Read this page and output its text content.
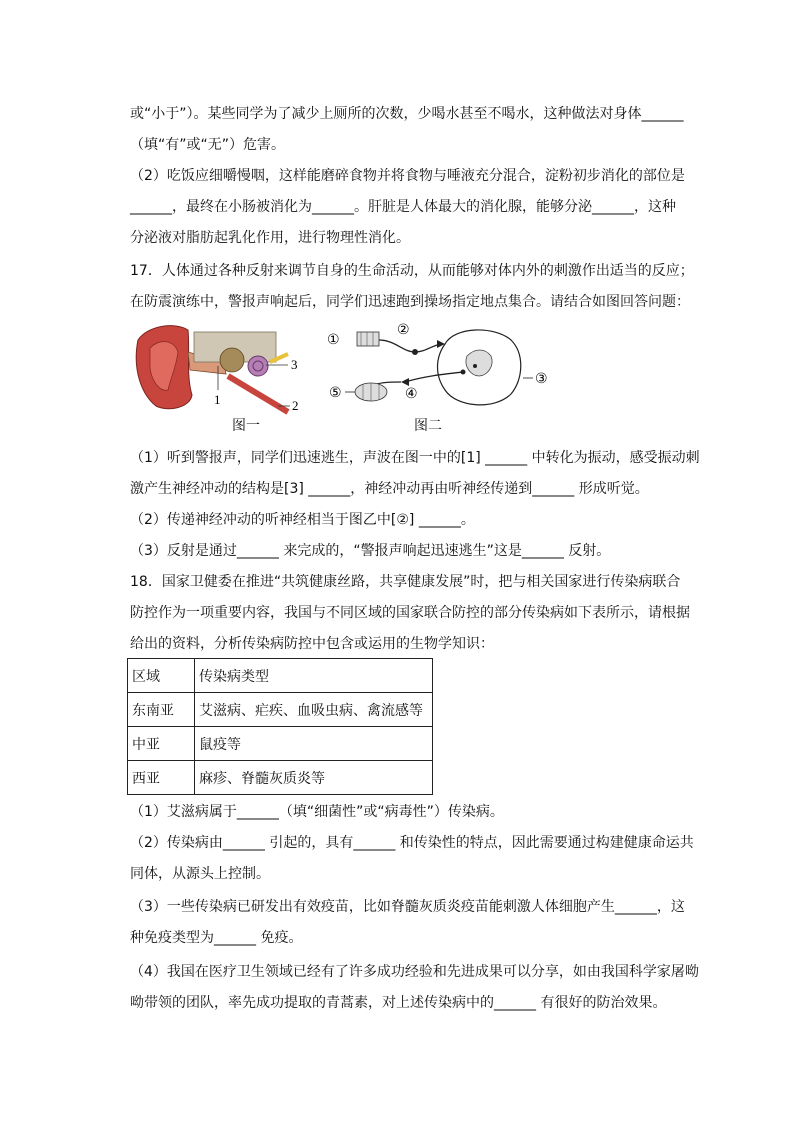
或“小于”）。某些同学为了减少上厕所的次数，少喝水甚至不喝水，这种做法对身体______
（填“有”或“无”）危害。
（2）吃饭应细嚼慢咽，这样能磨碎食物并将食物与唾液充分混合，淀粉初步消化的部位是
______，最终在小肠被消化为______。肝脏是人体最大的消化腺，能够分泌______，这种
分泌液对脂肪起乳化作用，进行物理性消化。
17．人体通过各种反射来调节自身的生命活动，从而能够对体内外的刺激作出适当的反应；
在防震演练中，警报声响起后，同学们迅速跑到操场指定地点集合。请结合如图回答问题：
3
1	2
图一
①
②
③
④
⑤
图二
（1）听到警报声，同学们迅速逃生，声波在图一中的[1] ______ 中转化为振动，感受振动刺
激产生神经冲动的结构是[3] ______，神经冲动再由听神经传递到______ 形成听觉。
（2）传递神经冲动的听神经相当于图乙中[②] ______。
（3）反射是通过______ 来完成的，“警报声响起迅速逃生”这是______ 反射。
18．国家卫健委在推进“共筑健康丝路，共享健康发展”时，把与相关国家进行传染病联合
防控作为一项重要内容，我国与不同区域的国家联合防控的部分传染病如下表所示，请根据
给出的资料，分析传染病防控中包含或运用的生物学知识：
区域	传染病类型
东南亚	艾滋病、疟疾、血吸虫病、禽流感等
中亚	鼠疫等
西亚	麻疹、脊髓灰质炎等
（1）艾滋病属于______（填“细菌性”或“病毒性”）传染病。
（2）传染病由______ 引起的，具有______ 和传染性的特点，因此需要通过构建健康命运共
同体，从源头上控制。
（3）一些传染病已研发出有效疫苗，比如脊髓灰质炎疫苗能刺激人体细胞产生______，这
种免疫类型为______ 免疫。
（4）我国在医疗卫生领域已经有了许多成功经验和先进成果可以分享，如由我国科学家屠呦
呦带领的团队，率先成功提取的青蒿素，对上述传染病中的______ 有很好的防治效果。
